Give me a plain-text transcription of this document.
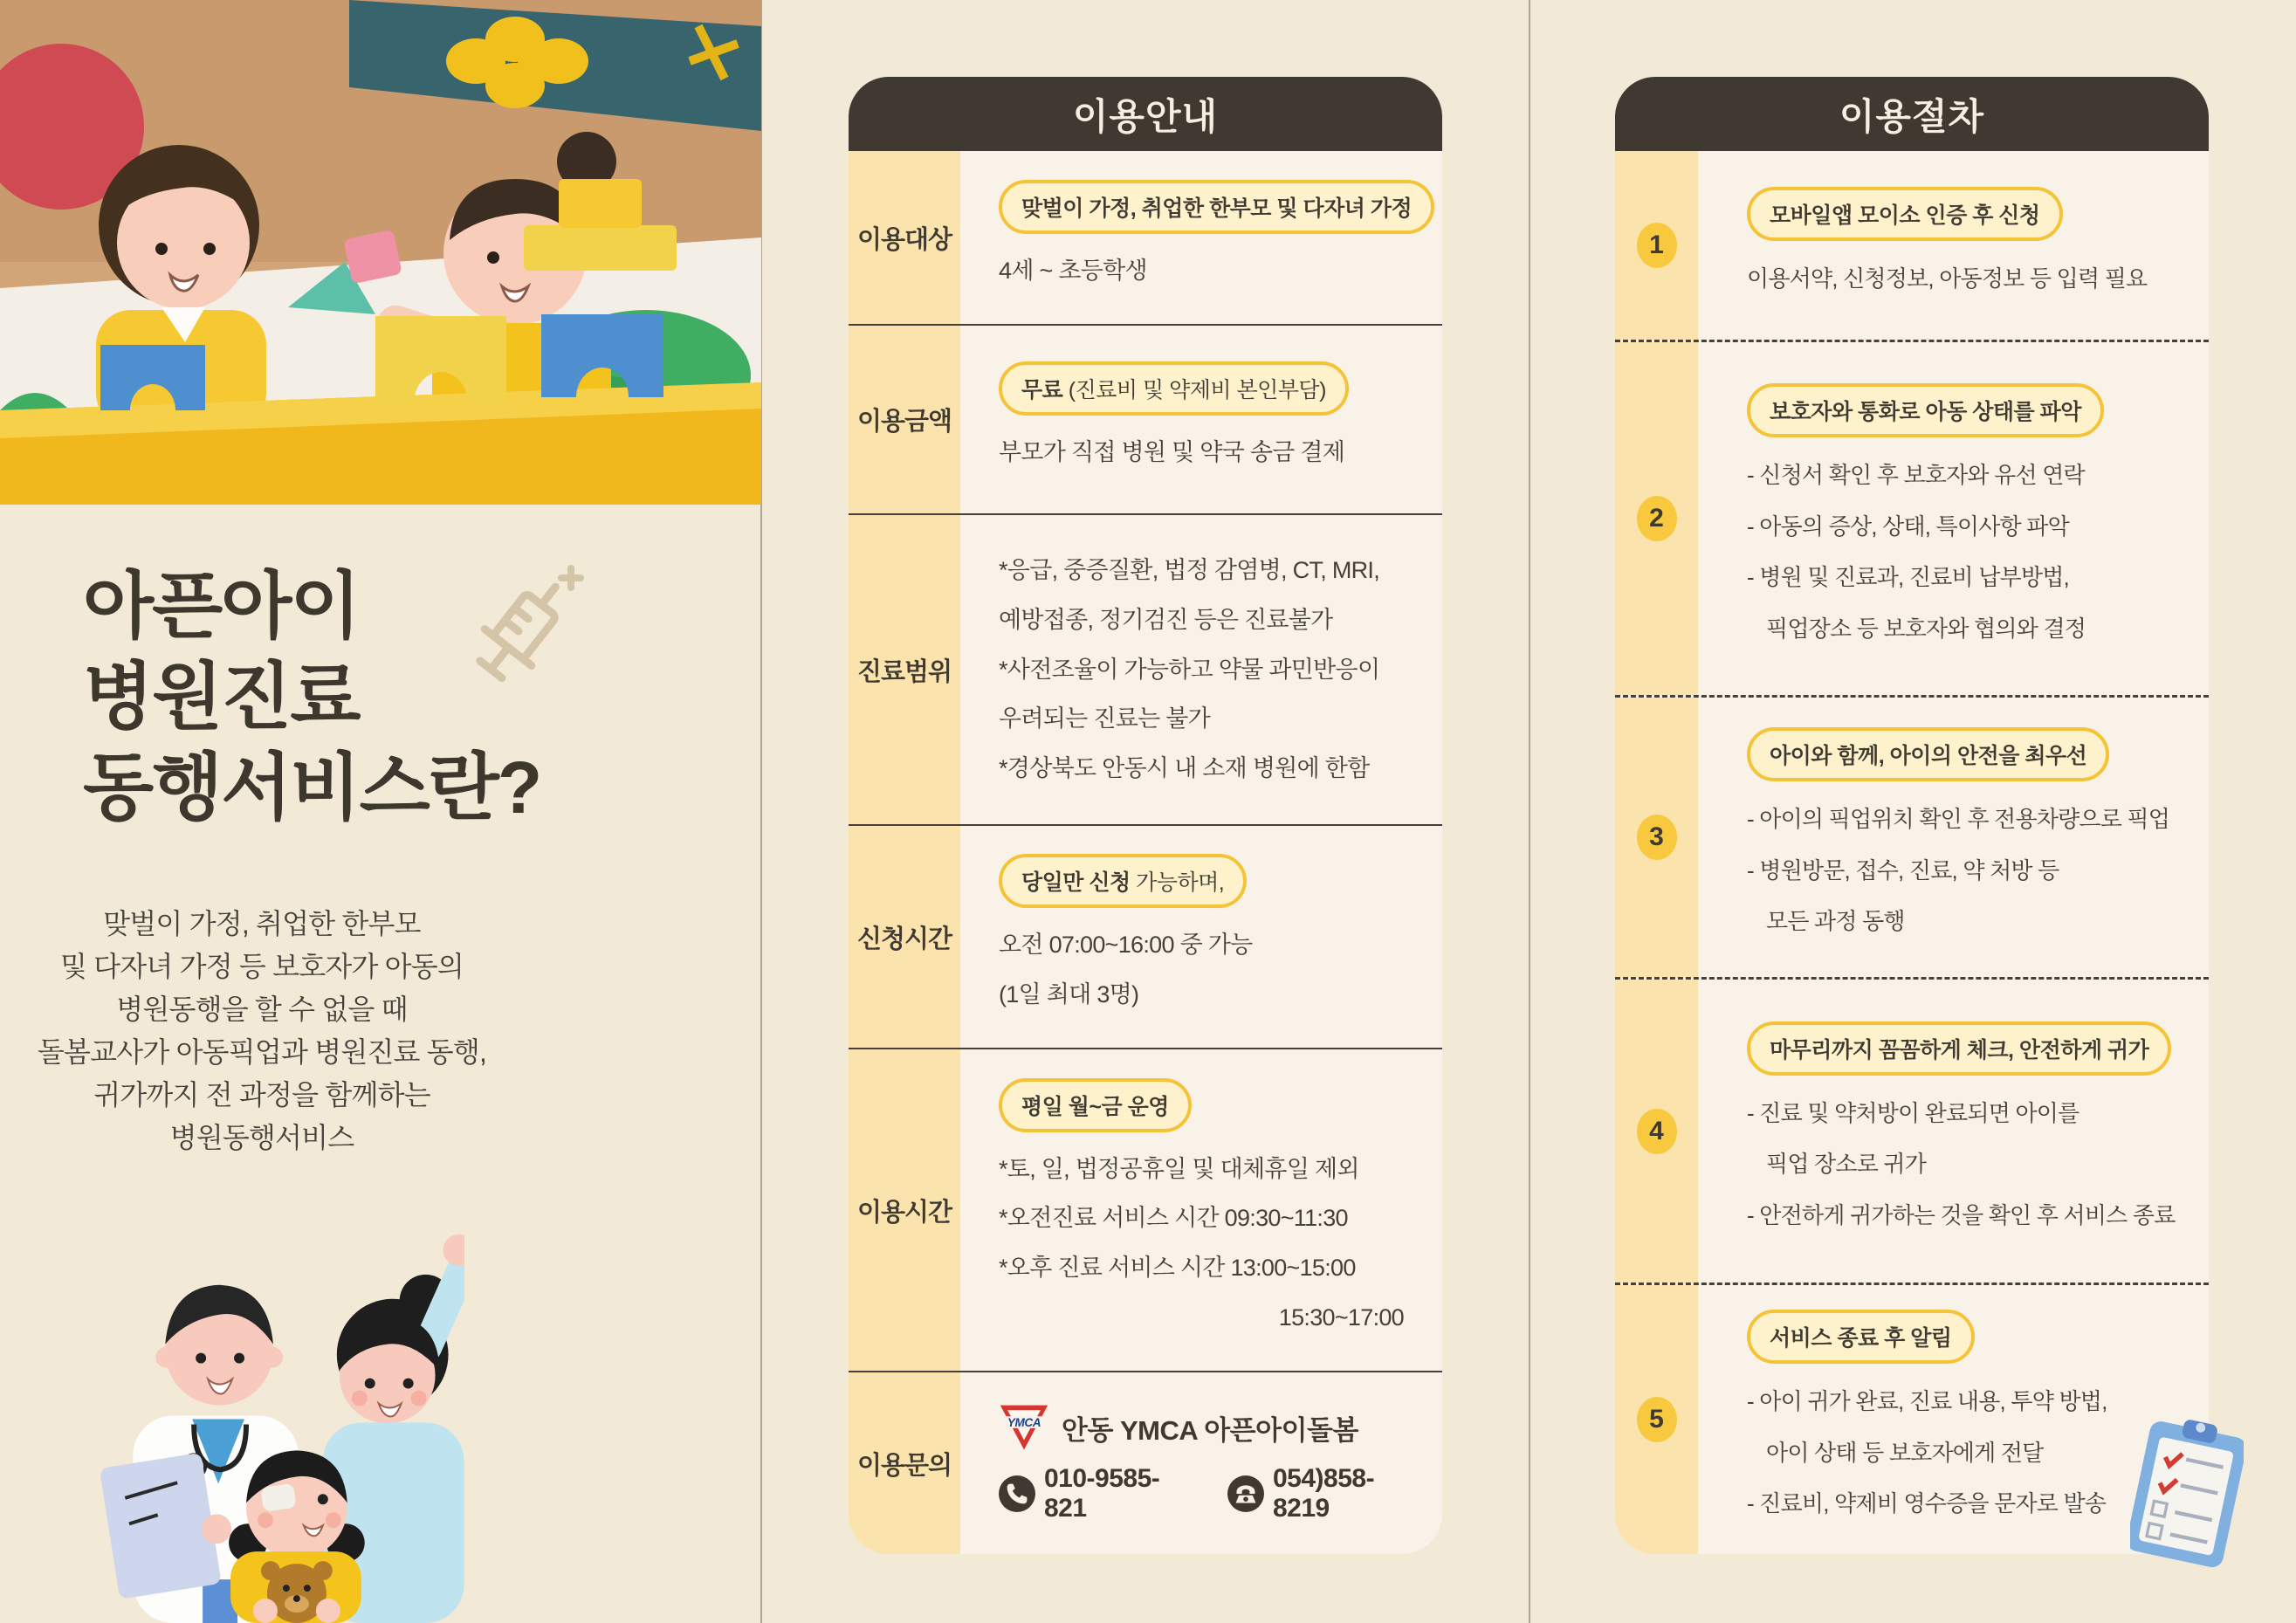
아픈아이
병원진료
동행서비스란?
맞벌이 가정, 취업한 한부모
및 다자녀 가정 등 보호자가 아동의
병원동행을 할 수 없을 때
돌봄교사가 아동픽업과 병원진료 동행,
귀가까지 전 과정을 함께하는
병원동행서비스
이용안내
이용대상
맞벌이 가정, 취업한 한부모 및 다자녀 가정
4세 ~ 초등학생
이용금액
무료 (진료비 및 약제비 본인부담)
부모가 직접 병원 및 약국 송금 결제
진료범위
*응급, 중증질환, 법정 감염병, CT, MRI,
예방접종, 정기검진 등은 진료불가
*사전조율이 가능하고 약물 과민반응이
우려되는 진료는 불가
*경상북도 안동시 내 소재 병원에 한함
신청시간
당일만 신청 가능하며,
오전 07:00~16:00 중 가능
(1일 최대 3명)
이용시간
평일 월~금 운영
*토, 일, 법정공휴일 및 대체휴일 제외
*오전진료 서비스 시간 09:30~11:30
*오후 진료 서비스 시간 13:00~15:00
15:30~17:00
이용문의
YMCA 안동 YMCA 아픈아이돌봄
010-9585-821
054)858-8219
이용절차
1
모바일앱 모이소 인증 후 신청
이용서약, 신청정보, 아동정보 등 입력 필요
2
보호자와 통화로 아동 상태를 파악
- 신청서 확인 후 보호자와 유선 연락
- 아동의 증상, 상태, 특이사항 파악
- 병원 및 진료과, 진료비 납부방법,
픽업장소 등 보호자와 협의와 결정
3
아이와 함께, 아이의 안전을 최우선
- 아이의 픽업위치 확인 후 전용차량으로 픽업
- 병원방문, 접수, 진료, 약 처방 등
모든 과정 동행
4
마무리까지 꼼꼼하게 체크, 안전하게 귀가
- 진료 및 약처방이 완료되면 아이를
픽업 장소로 귀가
- 안전하게 귀가하는 것을 확인 후 서비스 종료
5
서비스 종료 후 알림
- 아이 귀가 완료, 진료 내용, 투약 방법,
아이 상태 등 보호자에게 전달
- 진료비, 약제비 영수증을 문자로 발송
